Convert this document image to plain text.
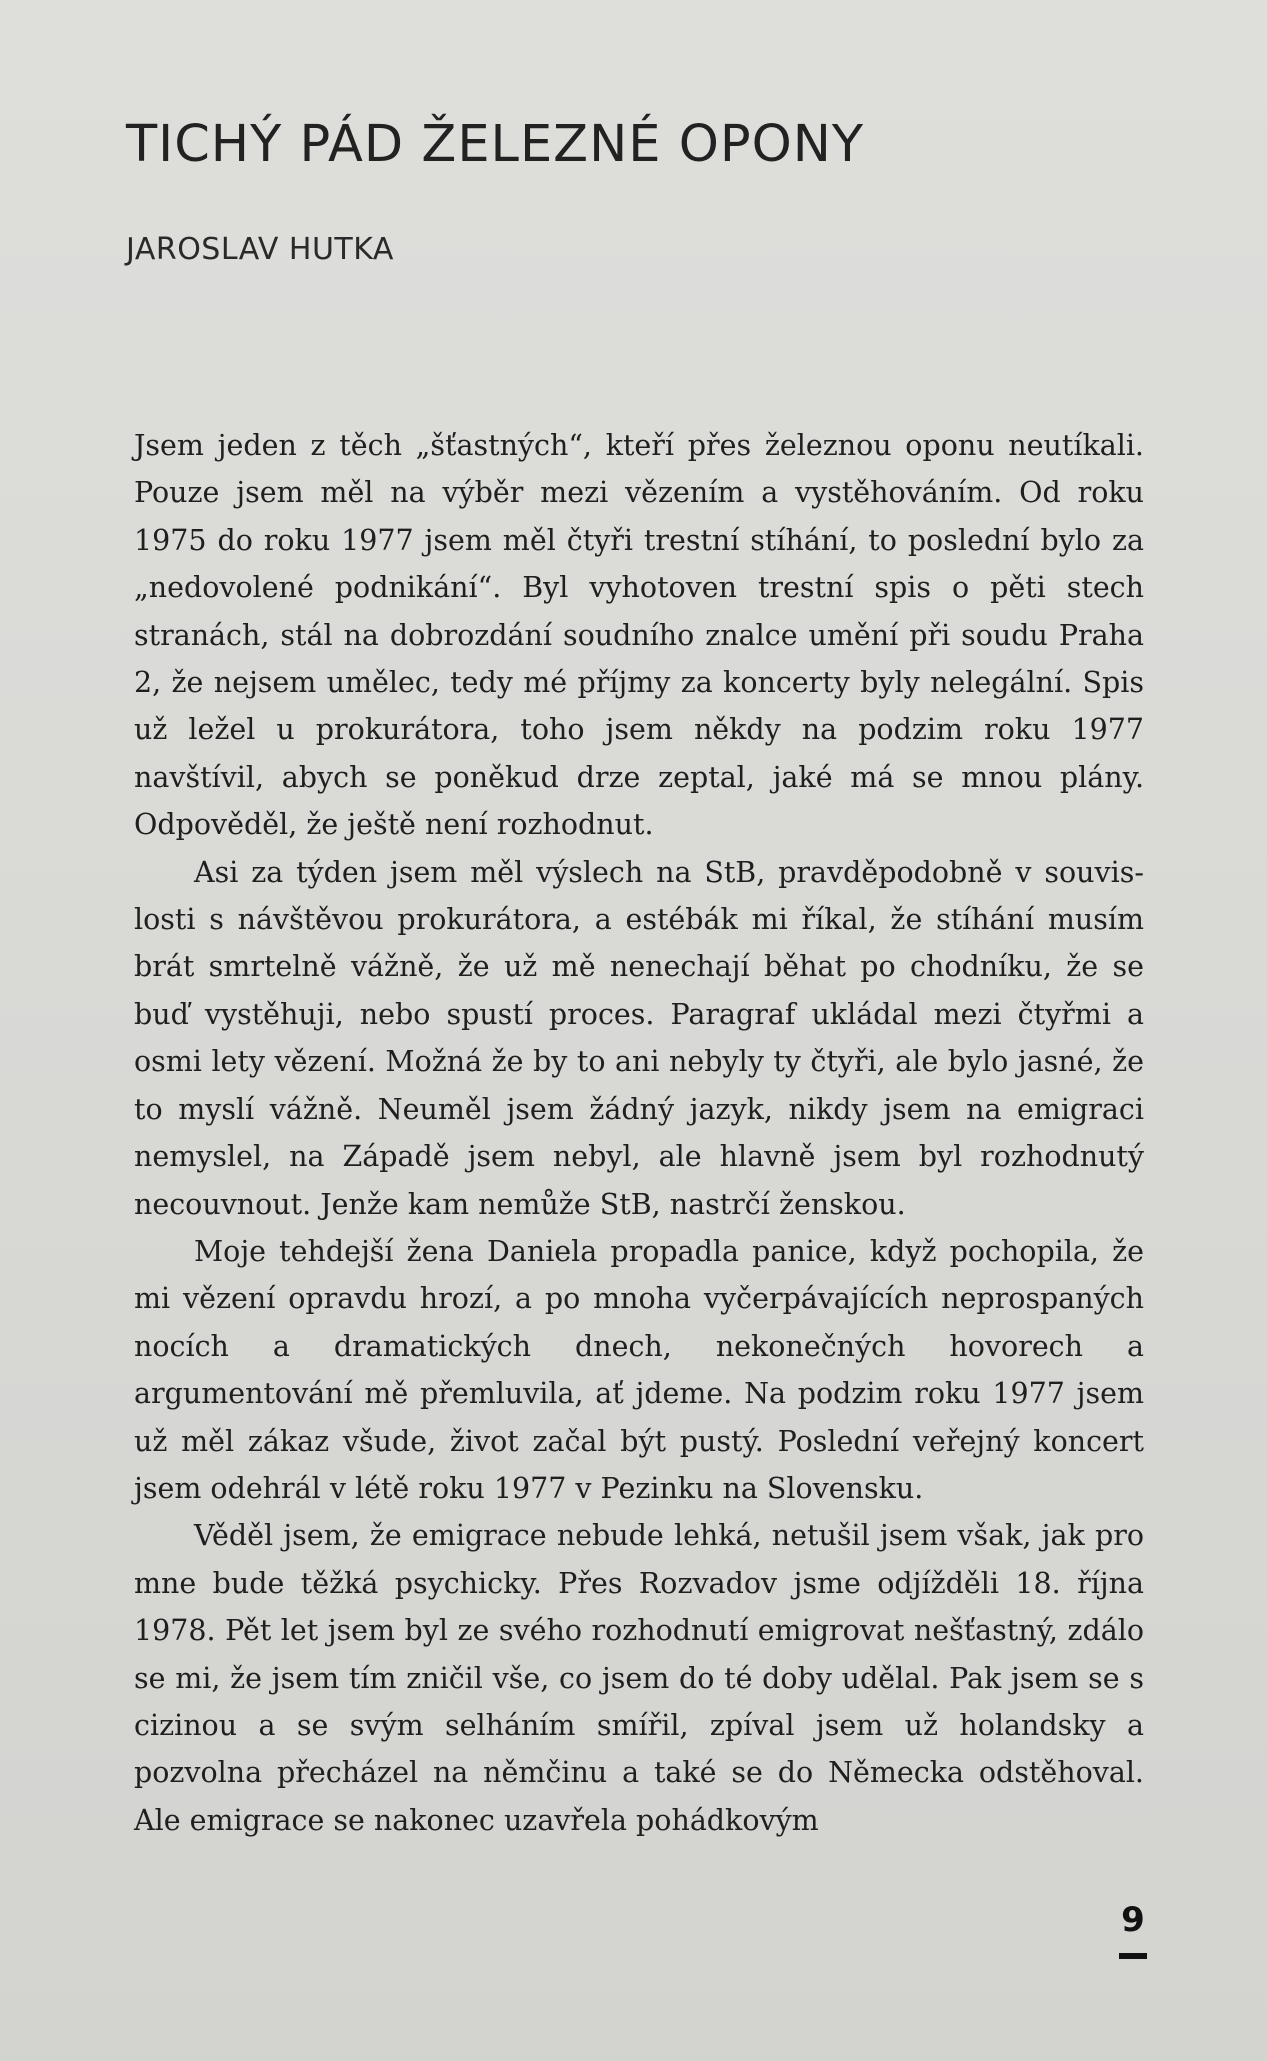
TICHÝ PÁD ŽELEZNÉ OPONY

JAROSLAV HUTKA

Jsem jeden z těch „šťastných“, kteří přes železnou oponu neutíkali. Pouze jsem měl na výběr mezi vězením a vystěhováním. Od roku 1975 do roku 1977 jsem měl čtyři trestní stíhání, to poslední bylo za „nedovolené podnikání“. Byl vyhotoven trestní spis o pěti stech stranách, stál na dobrozdání soudního znalce umění při soudu Praha 2, že nejsem umělec, tedy mé příjmy za koncerty byly nelegální. Spis už ležel u prokurátora, toho jsem někdy na podzim roku 1977 navštívil, abych se poněkud drze zeptal, jaké má se mnou plány. Odpověděl, že ještě není rozhodnut.

Asi za týden jsem měl výslech na StB, pravděpodobně v souvislosti s návštěvou prokurátora, a estébák mi říkal, že stíhání musím brát smrtelně vážně, že už mě nenechají běhat po chodníku, že se buď vystěhuji, nebo spustí proces. Paragraf ukládal mezi čtyřmi a osmi lety vězení. Možná že by to ani nebyly ty čtyři, ale bylo jasné, že to myslí vážně. Neuměl jsem žádný jazyk, nikdy jsem na emigraci nemyslel, na Západě jsem nebyl, ale hlavně jsem byl rozhodnutý necouvnout. Jenže kam nemůže StB, nastrčí ženskou.

Moje tehdejší žena Daniela propadla panice, když pochopila, že mi vězení opravdu hrozí, a po mnoha vyčerpávajících neprospaných nocích a dramatických dnech, nekonečných hovorech a argumentování mě přemluvila, ať jdeme. Na podzim roku 1977 jsem už měl zákaz všude, život začal být pustý. Poslední veřejný koncert jsem odehrál v létě roku 1977 v Pezinku na Slovensku.

Věděl jsem, že emigrace nebude lehká, netušil jsem však, jak pro mne bude těžká psychicky. Přes Rozvadov jsme odjížděli 18. října 1978. Pět let jsem byl ze svého rozhodnutí emigrovat nešťastný, zdálo se mi, že jsem tím zničil vše, co jsem do té doby udělal. Pak jsem se s cizinou a se svým selháním smířil, zpíval jsem už holandsky a pozvolna přecházel na němčinu a také se do Německa odstěhoval. Ale emigrace se nakonec uzavřela pohádkovým

9
